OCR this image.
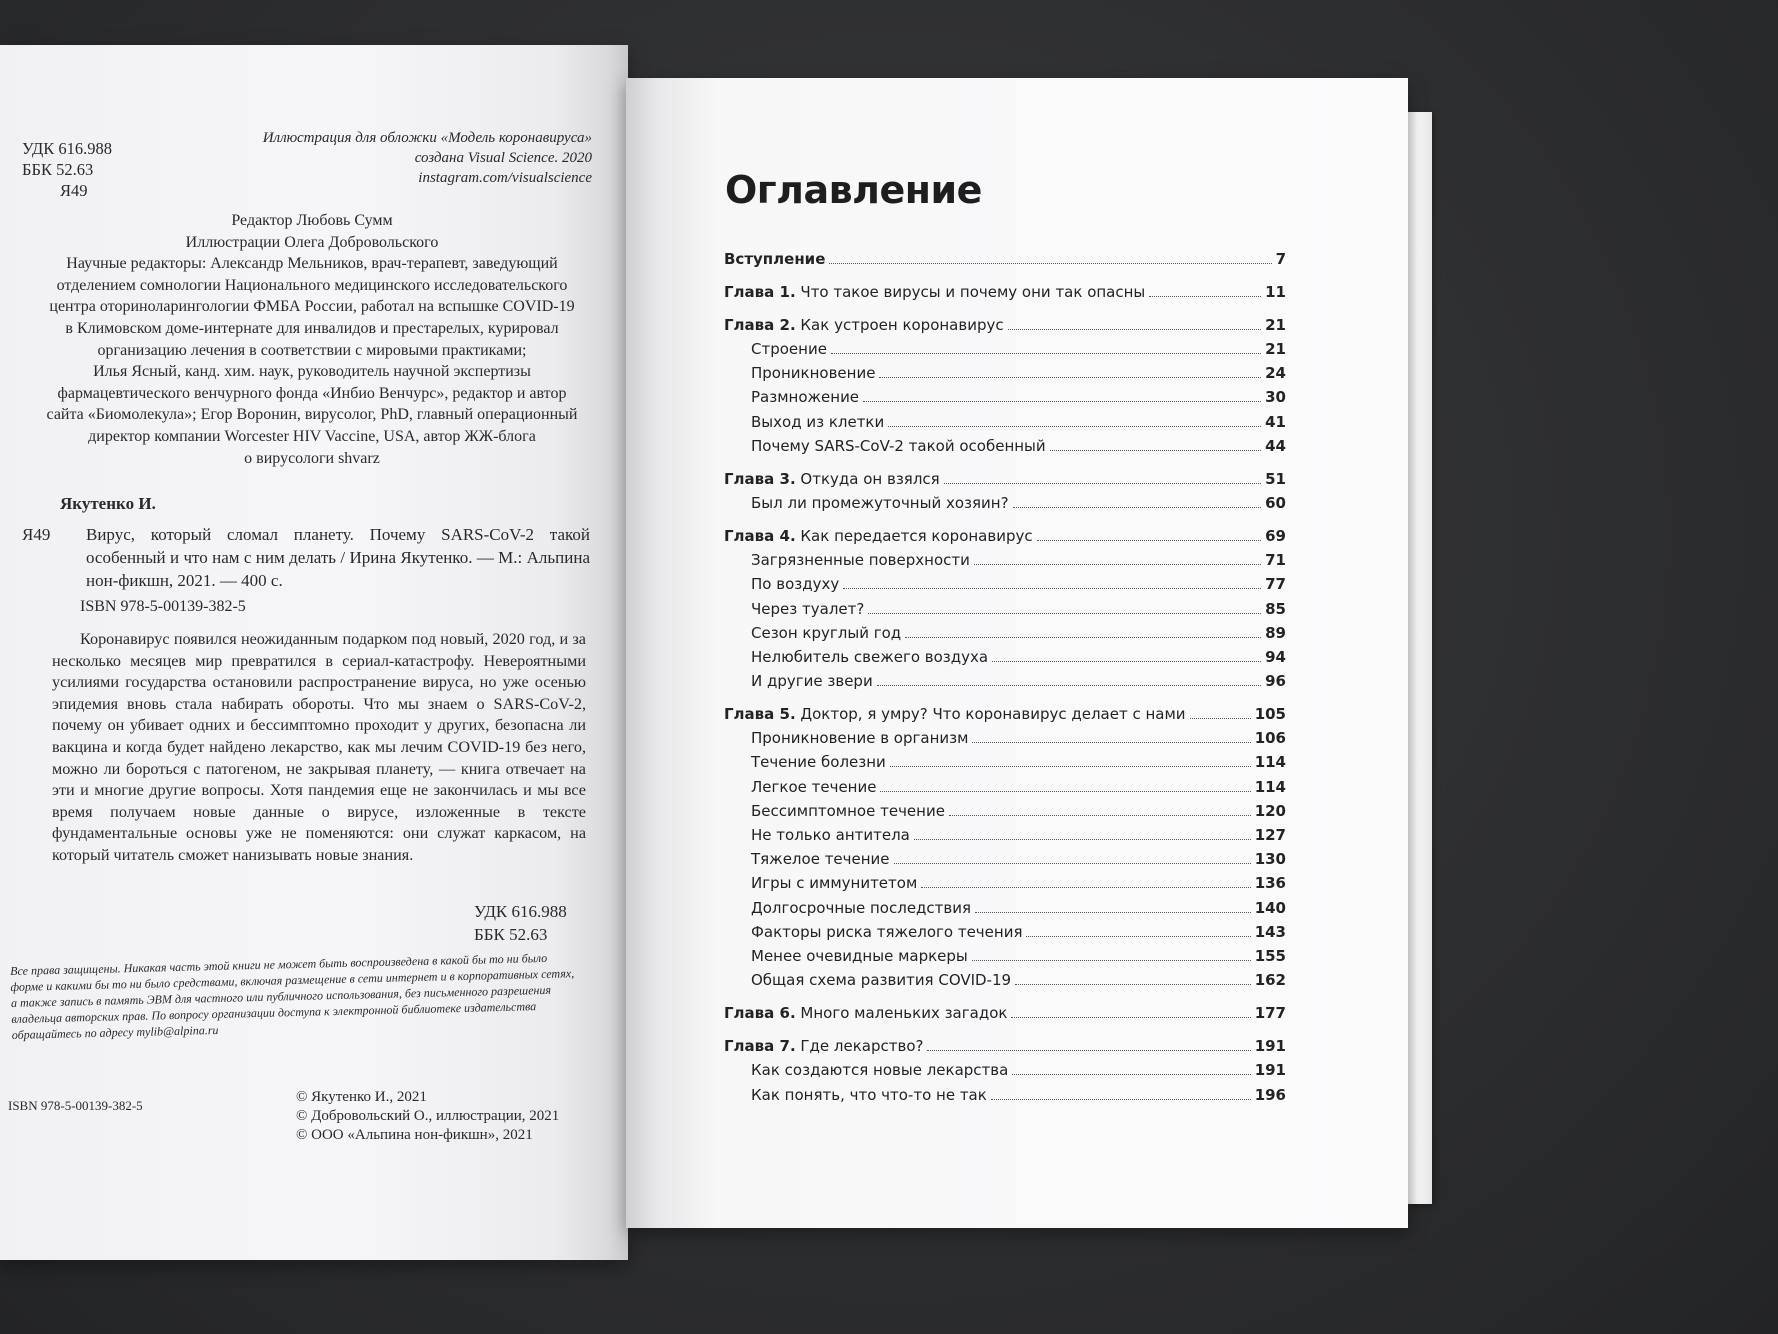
УДК 616.988
ББК 52.63
Я49
Иллюстрация для обложки «Модель коронавируса»
создана Visual Science. 2020
instagram.com/visualscience
Редактор Любовь Сумм
Иллюстрации Олега Добровольского
Научные редакторы: Александр Мельников, врач-терапевт, заведующий
отделением сомнологии Национального медицинского исследовательского
центра оториноларингологии ФМБА России, работал на вспышке COVID-19
в Климовском доме-интернате для инвалидов и престарелых, курировал
организацию лечения в соответствии с мировыми практиками;
Илья Ясный, канд. хим. наук, руководитель научной экспертизы
фармацевтического венчурного фонда «Инбио Венчурс», редактор и автор
сайта «Биомолекула»; Егор Воронин, вирусолог, PhD, главный операционный
директор компании Worcester HIV Vaccine, USA, автор ЖЖ-блога
о вирусологи shvarz
Якутенко И.
Я49 Вирус, который сломал планету. Почему SARS-CoV-2 такой особенный и что нам с ним делать / Ирина Якутенко. — М.: Альпина нон-фикшн, 2021. — 400 с.
ISBN 978-5-00139-382-5
Коронавирус появился неожиданным подарком под новый, 2020 год, и за несколько месяцев мир превратился в сериал-катастрофу. Невероятными усилиями государства остановили распространение вируса, но уже осенью эпидемия вновь стала набирать обороты. Что мы знаем о SARS-CoV-2, почему он убивает одних и бессимптомно проходит у других, безопасна ли вакцина и когда будет найдено лекарство, как мы лечим COVID-19 без него, можно ли бороться с патогеном, не закрывая планету, — книга отвечает на эти и многие другие вопросы. Хотя пандемия еще не закончилась и мы все время получаем новые данные о вирусе, изложенные в тексте фундаментальные основы уже не поменяются: они служат каркасом, на который читатель сможет нанизывать новые знания.
УДК 616.988
ББК 52.63
Все права защищены. Никакая часть этой книги не может быть воспроизведена в какой бы то ни было форме и какими бы то ни было средствами, включая размещение в сети интернет и в корпоративных сетях, а также запись в память ЭВМ для частного или публичного использования, без письменного разрешения владельца авторских прав. По вопросу организации доступа к электронной библиотеке издательства обращайтесь по адресу mylib@alpina.ru
ISBN 978-5-00139-382-5
© Якутенко И., 2021
© Добровольский О., иллюстрации, 2021
© ООО «Альпина нон-фикшн», 2021
Оглавление
Вступление	7
Глава 1. Что такое вирусы и почему они так опасны	11
Глава 2. Как устроен коронавирус	21
Строение	21
Проникновение	24
Размножение	30
Выход из клетки	41
Почему SARS-CoV-2 такой особенный	44
Глава 3. Откуда он взялся	51
Был ли промежуточный хозяин?	60
Глава 4. Как передается коронавирус	69
Загрязненные поверхности	71
По воздуху	77
Через туалет?	85
Сезон круглый год	89
Нелюбитель свежего воздуха	94
И другие звери	96
Глава 5. Доктор, я умру? Что коронавирус делает с нами	105
Проникновение в организм	106
Течение болезни	114
Легкое течение	114
Бессимптомное течение	120
Не только антитела	127
Тяжелое течение	130
Игры с иммунитетом	136
Долгосрочные последствия	140
Факторы риска тяжелого течения	143
Менее очевидные маркеры	155
Общая схема развития COVID-19	162
Глава 6. Много маленьких загадок	177
Глава 7. Где лекарство?	191
Как создаются новые лекарства	191
Как понять, что что-то не так	196
